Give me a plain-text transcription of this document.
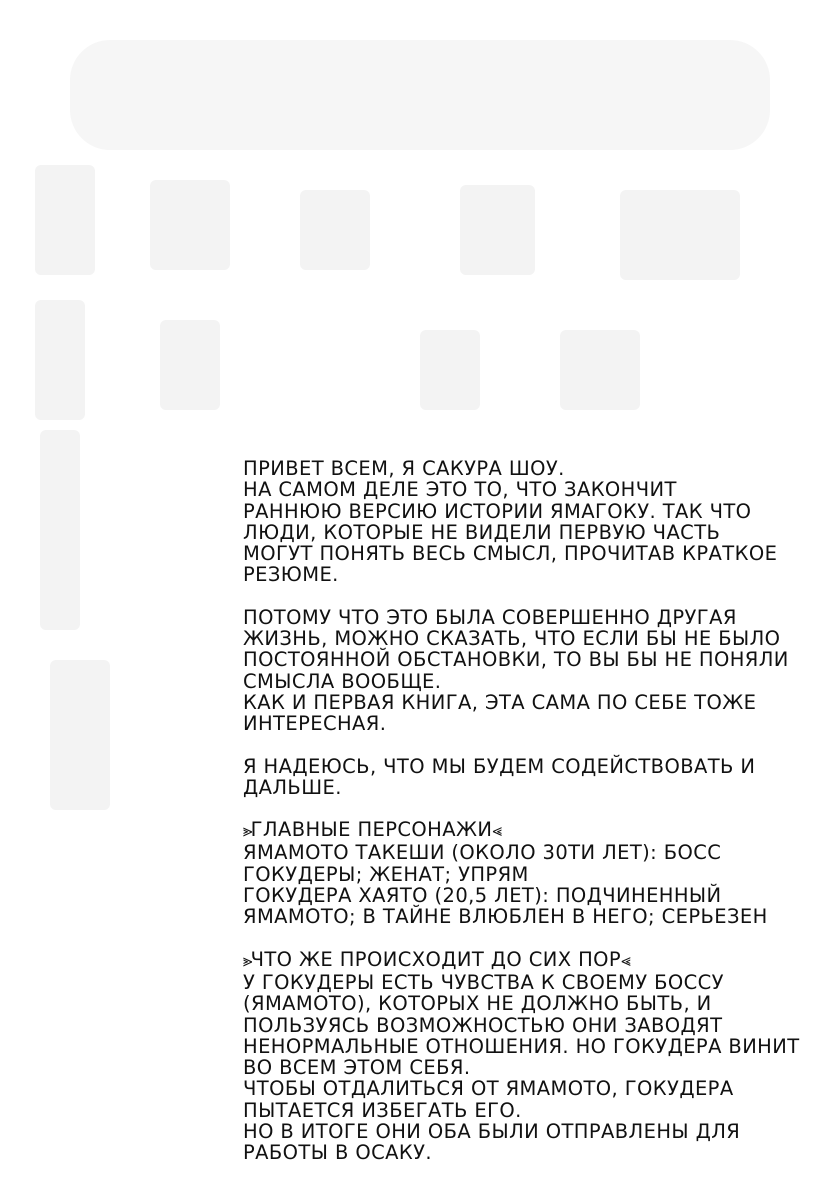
ПРИВЕТ ВСЕМ, Я САКУРА ШОУ.
НА САМОМ ДЕЛЕ ЭТО ТО, ЧТО ЗАКОНЧИТ
РАННЮЮ ВЕРСИЮ ИСТОРИИ ЯМАГОКУ. ТАК ЧТО
ЛЮДИ, КОТОРЫЕ НЕ ВИДЕЛИ ПЕРВУЮ ЧАСТЬ
МОГУТ ПОНЯТЬ ВЕСЬ СМЫСЛ, ПРОЧИТАВ КРАТКОЕ
РЕЗЮМЕ.
ПОТОМУ ЧТО ЭТО БЫЛА СОВЕРШЕННО ДРУГАЯ
ЖИЗНЬ, МОЖНО СКАЗАТЬ, ЧТО ЕСЛИ БЫ НЕ БЫЛО
ПОСТОЯННОЙ ОБСТАНОВКИ, ТО ВЫ БЫ НЕ ПОНЯЛИ
СМЫСЛА ВООБЩЕ.
КАК И ПЕРВАЯ КНИГА, ЭТА САМА ПО СЕБЕ ТОЖЕ
ИНТЕРЕСНАЯ.
Я НАДЕЮСЬ, ЧТО МЫ БУДЕМ СОДЕЙСТВОВАТЬ И
ДАЛЬШЕ.
⪢ГЛАВНЫЕ ПЕРСОНАЖИ⪡
ЯМАМОТО ТАКЕШИ (ОКОЛО 30ТИ ЛЕТ): БОСС
ГОКУДЕРЫ; ЖЕНАТ; УПРЯМ
ГОКУДЕРА ХАЯТО (20,5 ЛЕТ): ПОДЧИНЕННЫЙ
ЯМАМОТО; В ТАЙНЕ ВЛЮБЛЕН В НЕГО; СЕРЬЕЗЕН
⪢ЧТО ЖЕ ПРОИСХОДИТ ДО СИХ ПОР⪡
У ГОКУДЕРЫ ЕСТЬ ЧУВСТВА К СВОЕМУ БОССУ
(ЯМАМОТО), КОТОРЫХ НЕ ДОЛЖНО БЫТЬ, И
ПОЛЬЗУЯСЬ ВОЗМОЖНОСТЬЮ ОНИ ЗАВОДЯТ
НЕНОРМАЛЬНЫЕ ОТНОШЕНИЯ. НО ГОКУДЕРА ВИНИТ
ВО ВСЕМ ЭТОМ СЕБЯ.
ЧТОБЫ ОТДАЛИТЬСЯ ОТ ЯМАМОТО, ГОКУДЕРА
ПЫТАЕТСЯ ИЗБЕГАТЬ ЕГО.
НО В ИТОГЕ ОНИ ОБА БЫЛИ ОТПРАВЛЕНЫ ДЛЯ
РАБОТЫ В ОСАКУ.
